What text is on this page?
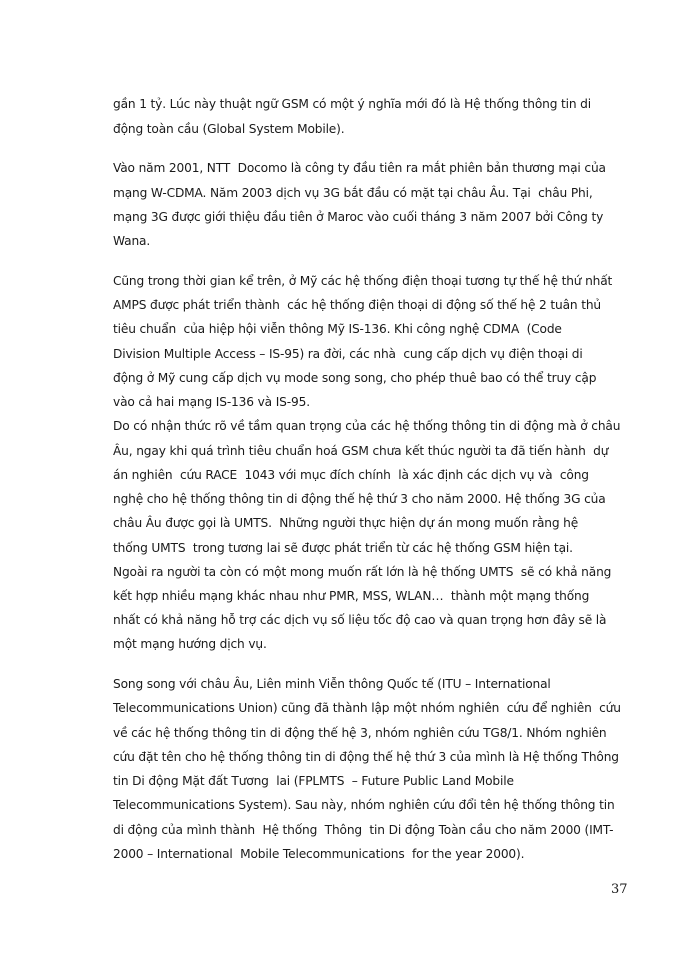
gần 1 tỷ. Lúc này thuật ngữ GSM có một ý nghĩa mới đó là Hệ thống thông tin di
động toàn cầu (Global System Mobile).
Vào năm 2001, NTT  Docomo là công ty đầu tiên ra mắt phiên bản thương mại của
mạng W-CDMA. Năm 2003 dịch vụ 3G bắt đầu có mặt tại châu Âu. Tại  châu Phi,
mạng 3G được giới thiệu đầu tiên ở Maroc vào cuối tháng 3 năm 2007 bởi Công ty
Wana.
Cũng trong thời gian kể trên, ở Mỹ các hệ thống điện thoại tương tự thế hệ thứ nhất
AMPS được phát triển thành  các hệ thống điện thoại di động số thế hệ 2 tuân thủ
tiêu chuẩn  của hiệp hội viễn thông Mỹ IS-136. Khi công nghệ CDMA  (Code
Division Multiple Access – IS-95) ra đời, các nhà  cung cấp dịch vụ điện thoại di
động ở Mỹ cung cấp dịch vụ mode song song, cho phép thuê bao có thể truy cập
vào cả hai mạng IS-136 và IS-95.
Do có nhận thức rõ về tầm quan trọng của các hệ thống thông tin di động mà ở châu
Âu, ngay khi quá trình tiêu chuẩn hoá GSM chưa kết thúc người ta đã tiến hành  dự
án nghiên  cứu RACE  1043 với mục đích chính  là xác định các dịch vụ và  công
nghệ cho hệ thống thông tin di động thế hệ thứ 3 cho năm 2000. Hệ thống 3G của
châu Âu được gọi là UMTS.  Những người thực hiện dự án mong muốn rằng hệ
thống UMTS  trong tương lai sẽ được phát triển từ các hệ thống GSM hiện tại.
Ngoài ra người ta còn có một mong muốn rất lớn là hệ thống UMTS  sẽ có khả năng
kết hợp nhiều mạng khác nhau như PMR, MSS, WLAN…  thành một mạng thống
nhất có khả năng hỗ trợ các dịch vụ số liệu tốc độ cao và quan trọng hơn đây sẽ là
một mạng hướng dịch vụ.
Song song với châu Âu, Liên minh Viễn thông Quốc tế (ITU – International
Telecommunications Union) cũng đã thành lập một nhóm nghiên  cứu để nghiên  cứu
về các hệ thống thông tin di động thế hệ 3, nhóm nghiên cứu TG8/1. Nhóm nghiên
cứu đặt tên cho hệ thống thông tin di động thế hệ thứ 3 của mình là Hệ thống Thông
tin Di động Mặt đất Tương  lai (FPLMTS  – Future Public Land Mobile
Telecommunications System). Sau này, nhóm nghiên cứu đổi tên hệ thống thông tin
di động của mình thành  Hệ thống  Thông  tin Di động Toàn cầu cho năm 2000 (IMT-
2000 – International  Mobile Telecommunications  for the year 2000).
37
